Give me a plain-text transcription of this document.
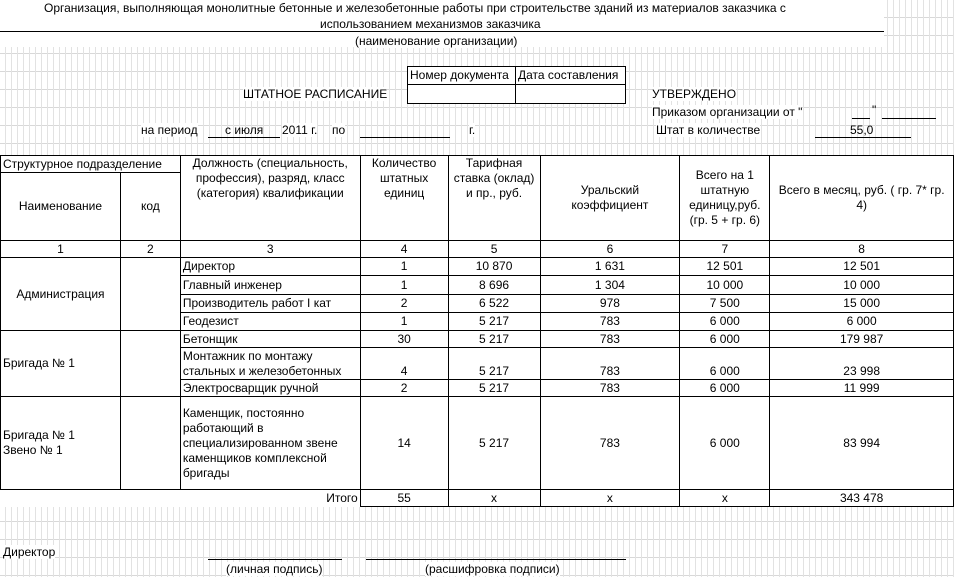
Организация, выполняющая монолитные бетонные и железобетонные работы при строительстве зданий из материалов заказчика с
использованием механизмов заказчика
(наименование организации)
Номер документа Дата составления
ШТАТНОЕ РАСПИСАНИЕ	УТВЕРЖДЕНО
Приказом организации от "	"
на период с июля 2011 г. по	г.	Штат в количестве	55,0
Структурное подразделение		Должность (специальность, профессия), разряд, класс (категория) квалификации	Количество штатных единиц	Тарифная ставка (оклад) и пр., руб.	Уральский коэффициент	Всего на 1 штатную единицу,руб. (гр. 5 + гр. 6)	Всего в месяц, руб. ( гр. 7* гр. 4)
Наименование	код						
1	2	3	4	5	6	7	8
Администрация		Директор	1	10 870	1 631	12 501	12 501
		Главный инженер	1	8 696	1 304	10 000	10 000
		Производитель работ I кат	2	6 522	978	7 500	15 000
		Геодезист	1	5 217	783	6 000	6 000
Бригада № 1		Бетонщик	30	5 217	783	6 000	179 987
		Монтажник по монтажу стальных и железобетонных	4	5 217	783	6 000	23 998
		Электросварщик ручной	2	5 217	783	6 000	11 999
Бригада № 1
Звено № 1		Каменщик, постоянно работающий в специализированном звене каменщиков комплексной бригады	14	5 217	783	6 000	83 994
Итого			55	x	x	x	343 478
Директор
(личная подпись)	(расшифровка подписи)
